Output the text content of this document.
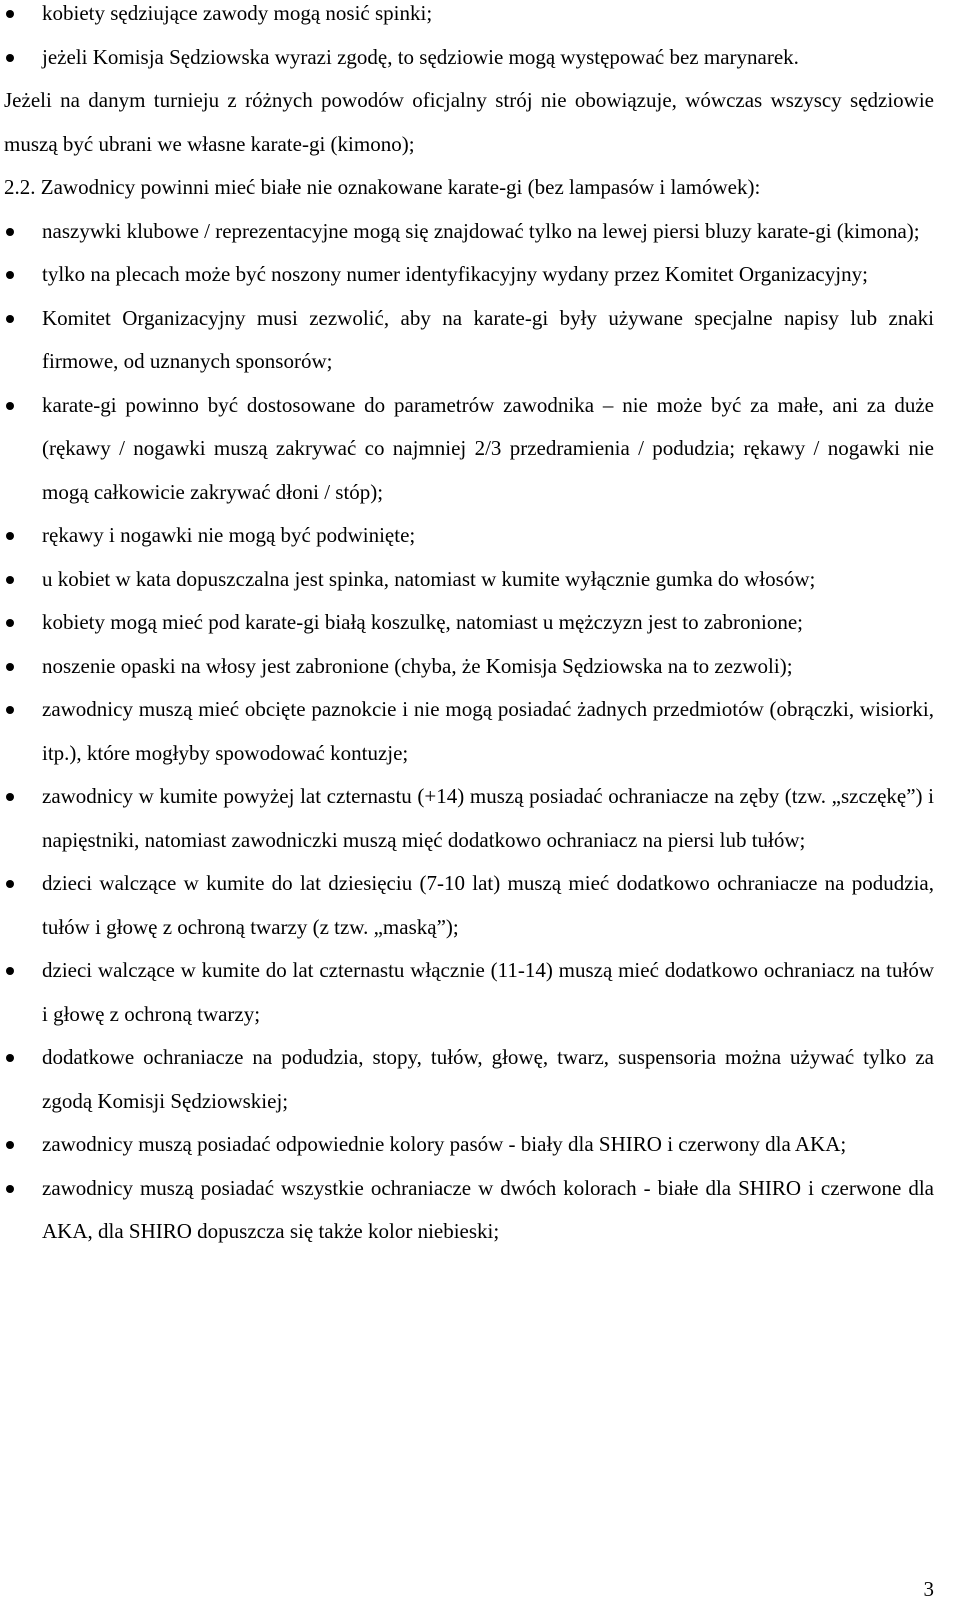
kobiety sędziujące zawody mogą nosić spinki;
jeżeli Komisja Sędziowska wyrazi zgodę, to sędziowie mogą występować bez marynarek.
Jeżeli na danym turnieju z różnych powodów oficjalny strój nie obowiązuje, wówczas wszyscy sędziowie muszą być ubrani we własne karate-gi (kimono);
2.2. Zawodnicy powinni mieć białe nie oznakowane karate-gi (bez lampasów i lamówek):
naszywki klubowe / reprezentacyjne mogą się znajdować tylko na lewej piersi bluzy karate-gi (kimona);
tylko na plecach może być noszony numer identyfikacyjny wydany przez Komitet Organizacyjny;
Komitet Organizacyjny musi zezwolić, aby na karate-gi były używane specjalne napisy lub znaki firmowe, od uznanych sponsorów;
karate-gi powinno być dostosowane do parametrów zawodnika – nie może być za małe, ani za duże (rękawy / nogawki muszą zakrywać co najmniej 2/3 przedramienia / podudzia; rękawy / nogawki nie mogą całkowicie zakrywać dłoni / stóp);
rękawy i nogawki nie mogą być podwinięte;
u kobiet w kata dopuszczalna jest spinka, natomiast w kumite wyłącznie gumka do włosów;
kobiety mogą mieć pod karate-gi białą koszulkę, natomiast u mężczyzn jest to zabronione;
noszenie opaski na włosy jest zabronione (chyba, że Komisja Sędziowska na to zezwoli);
zawodnicy muszą mieć obcięte paznokcie i nie mogą posiadać żadnych przedmiotów (obrączki, wisiorki, itp.), które mogłyby spowodować kontuzje;
zawodnicy w kumite powyżej lat czternastu (+14) muszą posiadać ochraniacze na zęby (tzw. „szczękę”) i napięstniki, natomiast zawodniczki muszą mięć dodatkowo ochraniacz na piersi lub tułów;
dzieci walczące w kumite do lat dziesięciu (7-10 lat) muszą mieć dodatkowo ochraniacze na podudzia, tułów i głowę z ochroną twarzy (z tzw. „maską”);
dzieci walczące w kumite do lat czternastu włącznie (11-14) muszą mieć dodatkowo ochraniacz na tułów i głowę z ochroną twarzy;
dodatkowe ochraniacze na podudzia, stopy, tułów, głowę, twarz, suspensoria można używać tylko za zgodą Komisji Sędziowskiej;
zawodnicy muszą posiadać odpowiednie kolory pasów - biały dla SHIRO i czerwony dla AKA;
zawodnicy muszą posiadać wszystkie ochraniacze w dwóch kolorach - białe dla SHIRO i czerwone dla AKA, dla SHIRO dopuszcza się także kolor niebieski;
3
